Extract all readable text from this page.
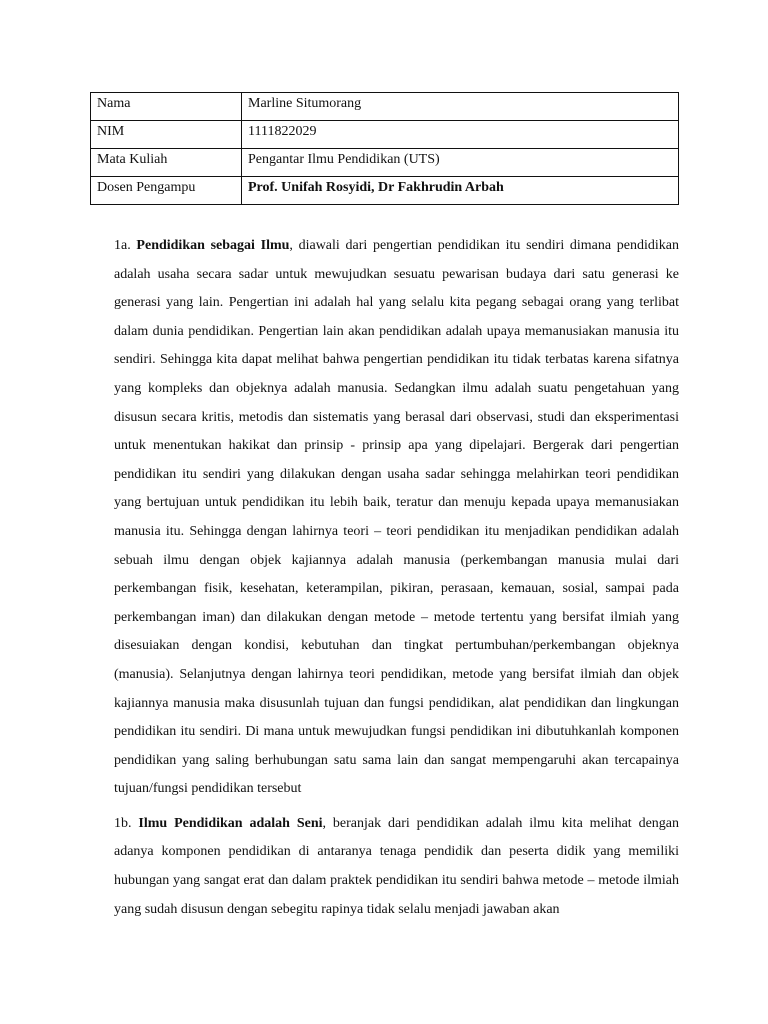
Nama	Marline Situmorang
NIM	1111822029
Mata Kuliah	Pengantar Ilmu Pendidikan (UTS)
Dosen Pengampu	Prof. Unifah Rosyidi, Dr Fakhrudin Arbah

1a. Pendidikan sebagai Ilmu, diawali dari pengertian pendidikan itu sendiri dimana pendidikan adalah usaha secara sadar untuk mewujudkan sesuatu pewarisan budaya dari satu generasi ke generasi yang lain. Pengertian ini adalah hal yang selalu kita pegang sebagai orang yang terlibat dalam dunia pendidikan. Pengertian lain akan pendidikan adalah upaya memanusiakan manusia itu sendiri. Sehingga kita dapat melihat bahwa pengertian pendidikan itu tidak terbatas karena sifatnya yang kompleks dan objeknya adalah manusia. Sedangkan ilmu adalah suatu pengetahuan yang disusun secara kritis, metodis dan sistematis yang berasal dari observasi, studi dan eksperimentasi untuk menentukan hakikat dan prinsip - prinsip apa yang dipelajari. Bergerak dari pengertian pendidikan itu sendiri yang dilakukan dengan usaha sadar sehingga melahirkan teori pendidikan yang bertujuan untuk pendidikan itu lebih baik, teratur dan menuju kepada upaya memanusiakan manusia itu. Sehingga dengan lahirnya teori – teori pendidikan itu menjadikan pendidikan adalah sebuah ilmu dengan objek kajiannya adalah manusia (perkembangan manusia mulai dari perkembangan fisik, kesehatan, keterampilan, pikiran, perasaan, kemauan, sosial, sampai pada perkembangan iman) dan dilakukan dengan metode – metode tertentu yang bersifat ilmiah yang disesuiakan dengan kondisi, kebutuhan dan tingkat pertumbuhan/perkembangan objeknya (manusia). Selanjutnya dengan lahirnya teori pendidikan, metode yang bersifat ilmiah dan objek kajiannya manusia maka disusunlah tujuan dan fungsi pendidikan, alat pendidikan dan lingkungan pendidikan itu sendiri. Di mana untuk mewujudkan fungsi pendidikan ini dibutuhkanlah komponen pendidikan yang saling berhubungan satu sama lain dan sangat mempengaruhi akan tercapainya tujuan/fungsi pendidikan tersebut

1b. Ilmu Pendidikan adalah Seni, beranjak dari pendidikan adalah ilmu kita melihat dengan adanya komponen pendidikan di antaranya tenaga pendidik dan peserta didik yang memiliki hubungan yang sangat erat dan dalam praktek pendidikan itu sendiri bahwa metode – metode ilmiah yang sudah disusun dengan sebegitu rapinya tidak selalu menjadi jawaban akan
